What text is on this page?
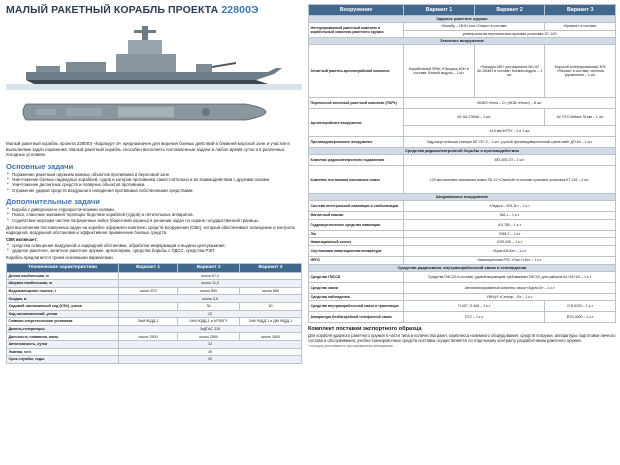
МАЛЫЙ РАКЕТНЫЙ КОРАБЛЬ ПРОЕКТА 22800Э
Малый ракетный корабль проекта 22800Э «Каракурт-Э» предназначен для ведения боевых действий в ближней морской зоне и участия в выполнении задач охранения. Малый ракетный корабль способен выполнять поставленные задачи в любое время суток и в различных погодных условиях.
Основные задачи
• Поражение ракетным оружием важных объектов противника в береговой зоне.
• Уничтожение боевых надводных кораблей, судов и катеров противника самостоятельно и во взаимодействии с другими силами.
• Уничтожение десантных средств и плавучих объектов противника.
• Отражение ударов средств воздушного нападения противника собственными средствами.
Дополнительные задачи
• Борьба с диверсионно-террористическими силами.
• Поиск, спасение экипажей терпящих бедствие кораблей (судов) и летательных аппаратов.
• Содействие морским частям пограничных войск (береговой охраны) в решении задач по охране государственной границы.
Для выполнения поставленных задач на корабле оформлен комплекс средств вооружения (СВК), который обеспечивает освещение и контроль надводной, воздушной обстановки и эффективное применение боевых средств.
СВК включает:
• средства освещения воздушной и надводной обстановки, обработки информации и выдачи целеуказания;
• ударное ракетное, зенитное ракетное оружие, артиллерию, средства борьбы с ПДСС, средства РЭП.
Корабль предлагается тремя основными вариантами.
Технические характеристики	Вариант 1	Вариант 2	Вариант 3
Длина наибольшая, м	около 67,0		
Ширина наибольшая, м	около 11,0		
Водоизмещение полное, т	около 870	около 890	около 880
Осадка, м	около 3,6		
Ходовой экономичный ход (КЭХ), узлов		30	30
Ход экономический, узлов	12		
Главная энергетическая установка	ЗиМ 90ДД-1	2хМ 90ДД-1 и МТ90ГУ	2хМ 90ДД-1 и ДМ 90ДД-1
Дизель-генераторы	3хДГАС 315		
Дальность плавания, миль	около 2500	около 2500	около 2800
Автономность, сутки	12		
Экипаж, чел.	39		
Срок службы, годы	30		
Вооружение	Вариант 1	Вариант 2	Вариант 3
Ударное ракетное оружие			
Интегрированный ракетный комплекс и корабельный комплекс ракетного оружия	«Калибр – НКЭ» или «Оникс» в составе:		«Бримос» в составе:
	универсальная вертикальная пусковая установка ЗС-14Э		
Зенитное вооружение			
Зенитный ракетно-артиллерийский комплекс	Корабельный ЗРАК «Панцирь-МЭ» в составе: боевой модуль – 1 шт.	«Панцирь-МЕ» для варианта без АУ АК-630М1 в составе: боевой модуль – 1 шт.	Морской интегрированный ЗРК «Палаш» в составе: система управления – 1 шт.
Переносной зенитный ракетный комплекс (ПЗРК)	9К38Э «Игла – С» (9К38 «Игла») – 8 шт.		
Артиллерийское вооружение	АУ АК-176МА – 1 шт.		АУ OTO Melara 76 мм – 1 шт.
	14,5 мм МТПУ – 2 и 1 шт.		
Противодиверсионное вооружение	Гидроакустическая станция МГ-757-2 – 1 шт.; ручной противодиверсионный гранатомёт ДП-64 – 1 шт.		
Средства радиоэлектронной борьбы и противодействия			
Комплекс радиоэлектронного подавления	МП-405-1Э – 1 шт.		
Комплекс постановки пассивных помех	120-мм комплекс пассивных помех ПК-10 «Смелый» в составе пусковых установок КТ-216 – 4 шт.		
Штурманское вооружение			
Система интегральной навигации и стабилизации	«Ладога – МЭ-11» – 1 к-т		
Магнитный компас	КМ-1 – 1 к-т		
Гидроакустическое средство навигации	АЛ-780 – 1 к-т		
Лаг	ЛЭМ-2 – 1 к-т		
Навигационный эхолот	НЭЛ-20К – 1 к-т		
Спутниковая навигационная аппаратура	«Бриз-КМ-Кэ» – 1 к-т		
НРЛС	Навигационная РЛС «Пал-Н-Кэ» – 1 к-т		
Средства радиосвязи, внутрикорабельной связи и телевидения			
Средства ГМССБ	Средства ГМССБ в составе, удовлетворяющем требованиям ГМССБ для районов А1+А2+А3 – 1 к-т		
Средства связи	Автоматизированный комплекс связи «Буран-8» – 1 к-т		
Средства наблюдения	УВНЦУ «Сенсор – В» – 1 к-т		
Средства внутрикорабельной связи и трансляции	П-407, П-408 – 1 к-т		ICS 6200 – 1 к-т
Аппаратура безбатарейной телефонной связи	БТС – 1 к-т		BTS-4000 – 1 к-т
Комплект поставки экспортного образца
Для корабля ударного ракетного оружия в части типа и количества ракет, комплекса наземного оборудования, средств погрузки, аппаратуры подготовки личного состава и обслуживания, учебно-тренировочных средств поставка осуществляется по отдельному контракту разработчиком ракетного оружия.
* позиции уточняются при заключении контракта
